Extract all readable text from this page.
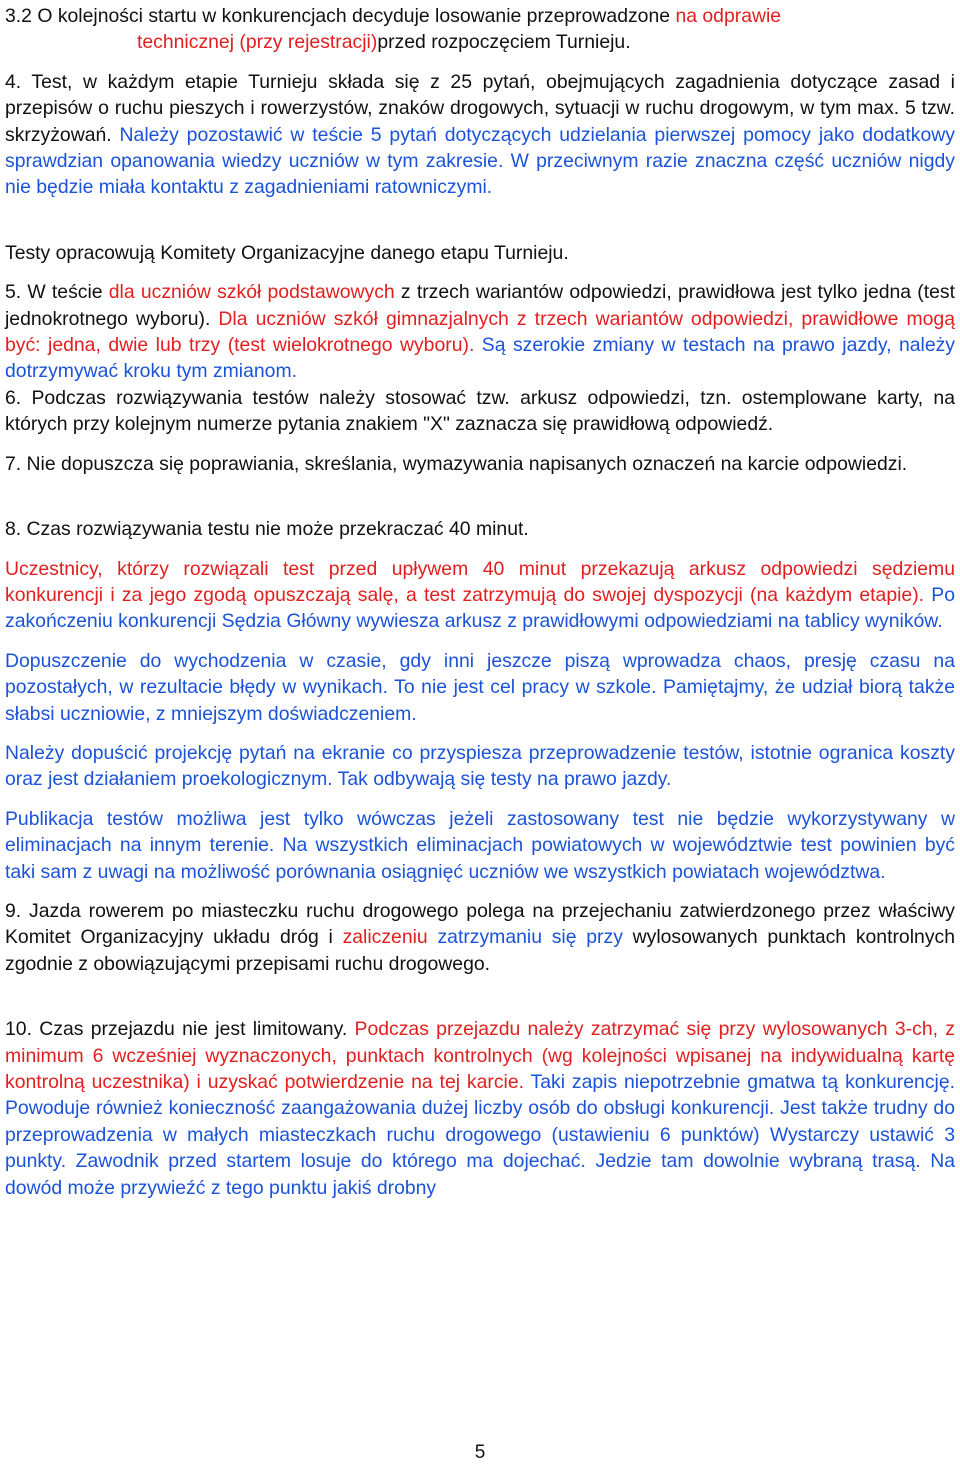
3.2 O kolejności startu w konkurencjach decyduje losowanie przeprowadzone na odprawie
technicznej (przy rejestracji)przed rozpoczęciem Turnieju.

4. Test, w każdym etapie Turnieju składa się z 25 pytań, obejmujących zagadnienia dotyczące zasad i przepisów o ruchu pieszych i rowerzystów, znaków drogowych, sytuacji w ruchu drogowym, w tym max. 5 tzw. skrzyżowań. Należy pozostawić w teście 5 pytań dotyczących udzielania pierwszej pomocy jako dodatkowy sprawdzian opanowania wiedzy uczniów w tym zakresie. W przeciwnym razie znaczna część uczniów nigdy nie będzie miała kontaktu z zagadnieniami ratowniczymi.

Testy opracowują Komitety Organizacyjne danego etapu Turnieju.

5. W teście dla uczniów szkół podstawowych z trzech wariantów odpowiedzi, prawidłowa jest tylko jedna (test jednokrotnego wyboru). Dla uczniów szkół gimnazjalnych z trzech wariantów odpowiedzi, prawidłowe mogą być: jedna, dwie lub trzy (test wielokrotnego wyboru). Są szerokie zmiany w testach na prawo jazdy, należy dotrzymywać kroku tym zmianom.
6. Podczas rozwiązywania testów należy stosować tzw. arkusz odpowiedzi, tzn. ostemplowane karty, na których przy kolejnym numerze pytania znakiem "X" zaznacza się prawidłową odpowiedź.

7. Nie dopuszcza się poprawiania, skreślania, wymazywania napisanych oznaczeń na karcie odpowiedzi.

8. Czas rozwiązywania testu nie może przekraczać 40 minut.

Uczestnicy, którzy rozwiązali test przed upływem 40 minut przekazują arkusz odpowiedzi sędziemu konkurencji i za jego zgodą opuszczają salę, a test zatrzymują do swojej dyspozycji (na każdym etapie). Po zakończeniu konkurencji Sędzia Główny wywiesza arkusz z prawidłowymi odpowiedziami na tablicy wyników.

Dopuszczenie do wychodzenia w czasie, gdy inni jeszcze piszą wprowadza chaos, presję czasu na pozostałych, w rezultacie błędy w wynikach. To nie jest cel pracy w szkole. Pamiętajmy, że udział biorą także słabsi uczniowie, z mniejszym doświadczeniem.

Należy dopuścić projekcję pytań na ekranie co przyspiesza przeprowadzenie testów, istotnie ogranica koszty oraz jest działaniem proekologicznym. Tak odbywają się testy na prawo jazdy.

Publikacja testów możliwa jest tylko wówczas jeżeli zastosowany test nie będzie wykorzystywany w eliminacjach na innym terenie. Na wszystkich eliminacjach powiatowych w województwie test powinien być taki sam z uwagi na możliwość porównania osiągnięć uczniów we wszystkich powiatach województwa.

9. Jazda rowerem po miasteczku ruchu drogowego polega na przejechaniu zatwierdzonego przez właściwy Komitet Organizacyjny układu dróg i zaliczeniu zatrzymaniu się przy wylosowanych punktach kontrolnych zgodnie z obowiązującymi przepisami ruchu drogowego.

10. Czas przejazdu nie jest limitowany. Podczas przejazdu należy zatrzymać się przy wylosowanych 3-ch, z minimum 6 wcześniej wyznaczonych, punktach kontrolnych (wg kolejności wpisanej na indywidualną kartę kontrolną uczestnika) i uzyskać potwierdzenie na tej karcie. Taki zapis niepotrzebnie gmatwa tą konkurencję. Powoduje również konieczność zaangażowania dużej liczby osób do obsługi konkurencji. Jest także trudny do przeprowadzenia w małych miasteczkach ruchu drogowego (ustawieniu 6 punktów) Wystarczy ustawić 3 punkty. Zawodnik przed startem losuje do którego ma dojechać. Jedzie tam dowolnie wybraną trasą. Na dowód może przywieźć z tego punktu jakiś drobny

5
